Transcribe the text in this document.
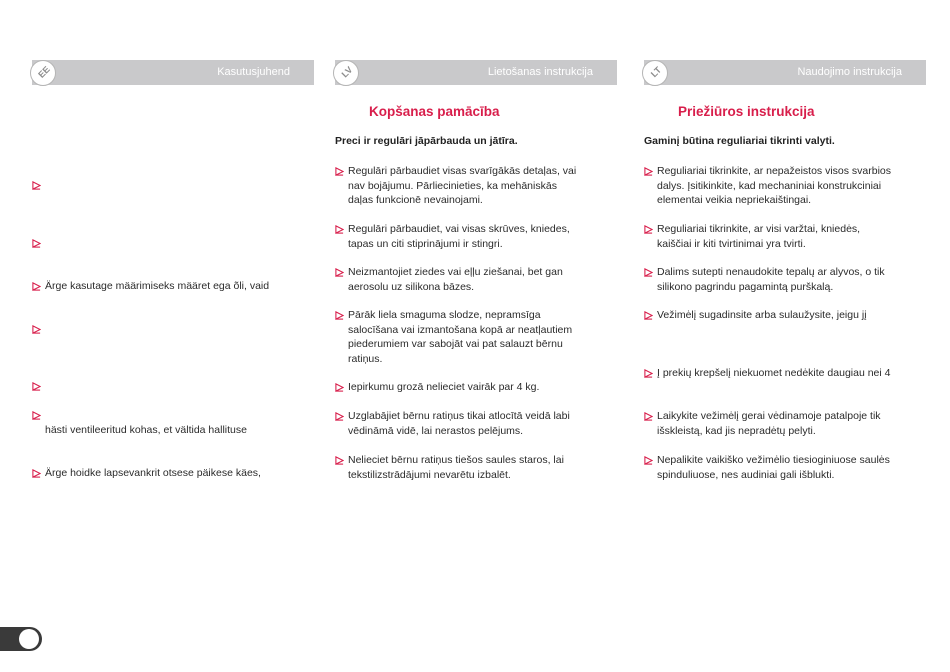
Kasutusjuhend
EE
Ärge kasutage määrimiseks määret ega õli, vaid

hästi ventileeritud kohas, et vältida hallituse
Ärge hoidke lapsevankrit otsese päikese käes,
Lietošanas instrukcija
LV
Kopšanas pamācība
Preci ir regulāri jāpārbauda un jātīra.
Regulāri pārbaudiet visas svarīgākās detaļas, vai
nav bojājumu. Pārliecinieties, ka mehāniskās
daļas funkcionē nevainojami.
Regulāri pārbaudiet, vai visas skrūves, kniedes,
tapas un citi stiprinājumi ir stingri.
Neizmantojiet ziedes vai eļļu ziešanai, bet gan
aerosolu uz silikona bāzes.
Pārāk liela smaguma slodze, nepramsīga
salocīšana vai izmantošana kopā ar neatļautiem
piederumiem var sabojāt vai pat salauzt bērnu
ratiņus.
Iepirkumu grozā nelieciet vairāk par 4 kg.
Uzglabājiet bērnu ratiņus tikai atlocītā veidā labi
vēdināmā vidē, lai nerastos pelējums.
Nelieciet bērnu ratiņus tiešos saules staros, lai
tekstilizstrādājumi nevarētu izbalēt.
Naudojimo instrukcija
LT
Priežiūros instrukcija
Gaminį būtina reguliariai tikrinti valyti.
Reguliariai tikrinkite, ar nepažeistos visos svarbios
dalys. Įsitikinkite, kad mechaniniai konstrukciniai
elementai veikia nepriekaištingai.
Reguliariai tikrinkite, ar visi varžtai, kniedės,
kaiščiai ir kiti tvirtinimai yra tvirti.
Dalims sutepti nenaudokite tepalų ar alyvos, o tik
silikono pagrindu pagamintą purškalą.
Vežimėlį sugadinsite arba sulaužysite, jeigu jį
Į prekių krepšelį niekuomet nedėkite daugiau nei 4
Laikykite vežimėlį gerai vėdinamoje patalpoje tik
išskleistą, kad jis nepradėtų pelyti.
Nepalikite vaikiško vežimėlio tiesioginiuose saulės
spinduliuose, nes audiniai gali išblukti.
